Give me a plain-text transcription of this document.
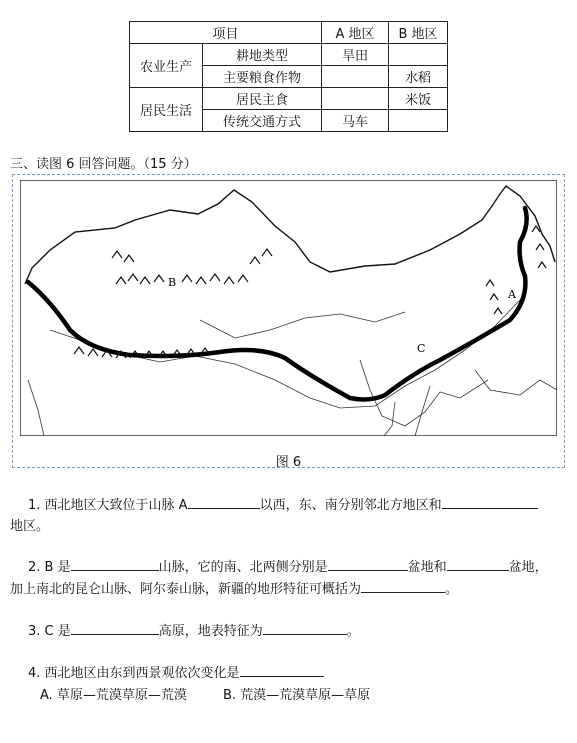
项目		A 地区	B 地区
农业生产	耕地类型	旱田	
	主要粮食作物		水稻
居民生活	居民主食		米饭
	传统交通方式	马车	
三、读图 6 回答问题。（15 分）
A
B
C
图 6
1. 西北地区大致位于山脉 A	以西，东、南分别邻北方地区和
地区。
2. B 是	山脉，它的南、北两侧分别是	盆地和	盆地，
加上南北的昆仑山脉、阿尔泰山脉，新疆的地形特征可概括为	。
3. C 是	高原，地表特征为	。
4. 西北地区由东到西景观依次变化是
A. 草原—荒漠草原—荒漠	B. 荒漠—荒漠草原—草原
